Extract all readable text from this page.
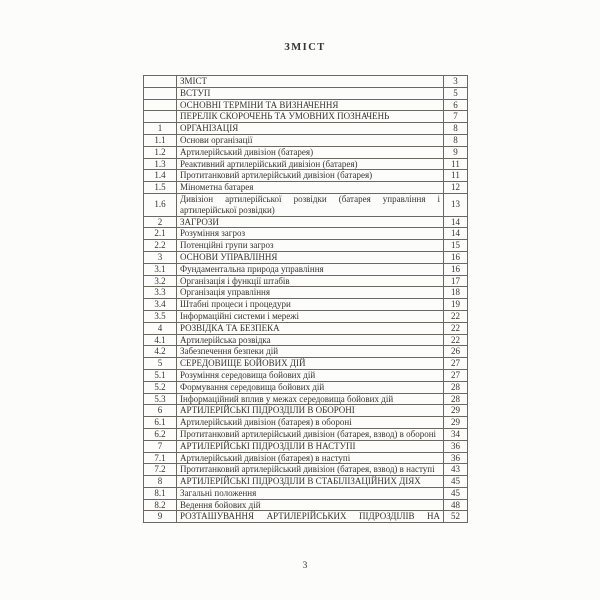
ЗМІСТ
	ЗМІСТ	3
	ВСТУП	5
	ОСНОВНІ ТЕРМІНИ ТА ВИЗНАЧЕННЯ	6
	ПЕРЕЛІК СКОРОЧЕНЬ ТА УМОВНИХ ПОЗНАЧЕНЬ	7
1	ОРГАНІЗАЦІЯ	8
1.1	Основи організації	8
1.2	Артилерійський дивізіон (батарея)	9
1.3	Реактивний артилерійський дивізіон (батарея)	11
1.4	Протитанковий артилерійський дивізіон (батарея)	11
1.5	Мінометна батарея	12
1.6	Дивізіон артилерійської розвідки (батарея управління і артилерійської розвідки)	13
2	ЗАГРОЗИ	14
2.1	Розуміння загроз	14
2.2	Потенційні групи загроз	15
3	ОСНОВИ УПРАВЛІННЯ	16
3.1	Фундаментальна природа управління	16
3.2	Організація і функції штабів	17
3.3	Організація управління	18
3.4	Штабні процеси і процедури	19
3.5	Інформаційні системи і мережі	22
4	РОЗВІДКА ТА БЕЗПЕКА	22
4.1	Артилерійська розвідка	22
4.2	Забезпечення безпеки дій	26
5	СЕРЕДОВИЩЕ БОЙОВИХ ДІЙ	27
5.1	Розуміння середовища бойових дій	27
5.2	Формування середовища бойових дій	28
5.3	Інформаційний вплив у межах середовища бойових дій	28
6	АРТИЛЕРІЙСЬКІ ПІДРОЗДІЛИ В ОБОРОНІ	29
6.1	Артилерійський дивізіон (батарея) в обороні	29
6.2	Протитанковий артилерійський дивізіон (батарея, взвод) в обороні	34
7	АРТИЛЕРІЙСЬКІ ПІДРОЗДІЛИ В НАСТУПІ	36
7.1	Артилерійський дивізіон (батарея) в наступі	36
7.2	Протитанковий артилерійський дивізіон (батарея, взвод) в наступі	43
8	АРТИЛЕРІЙСЬКІ ПІДРОЗДІЛИ В СТАБІЛІЗАЦІЙНИХ ДІЯХ	45
8.1	Загальні положення	45
8.2	Ведення бойових дій	48
9	РОЗТАШУВАННЯ АРТИЛЕРІЙСЬКИХ ПІДРОЗДІЛІВ НА	52
3
